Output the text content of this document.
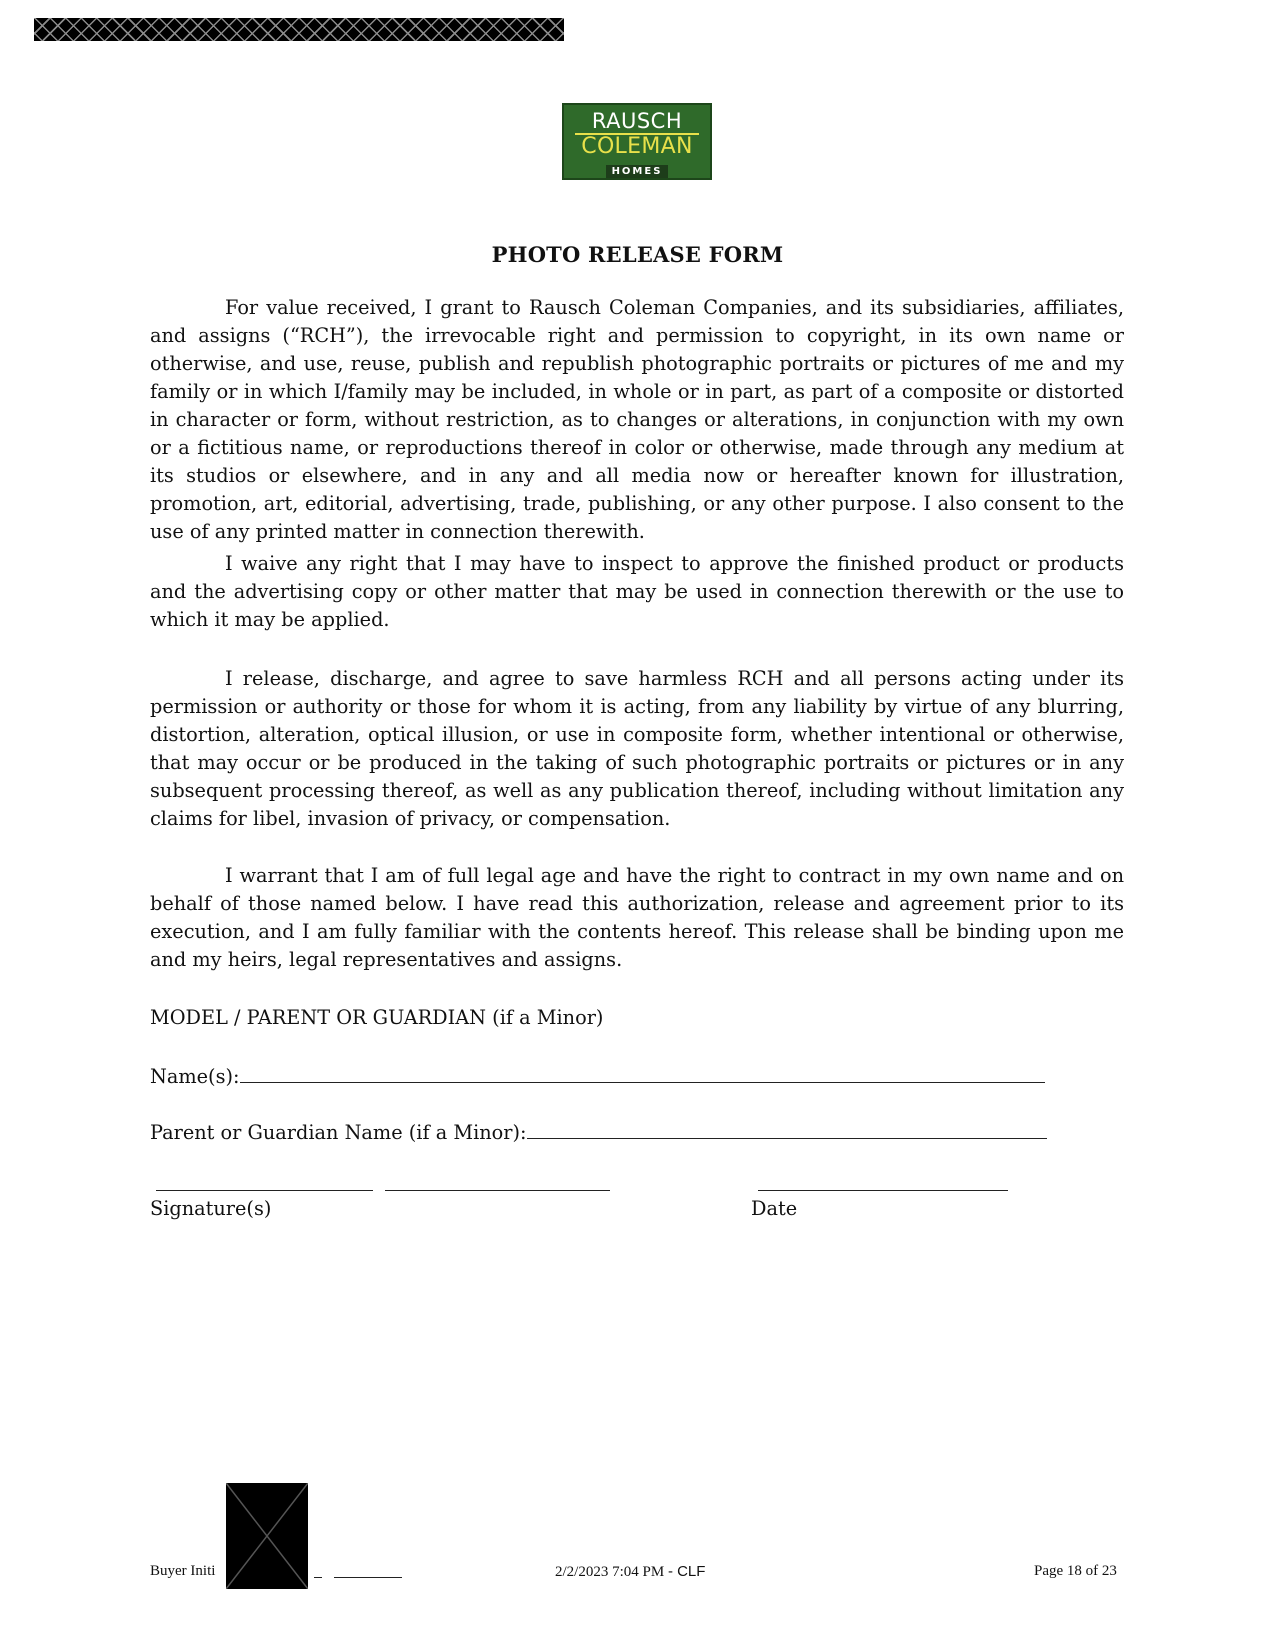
RAUSCH
COLEMAN
HOMES
PHOTO RELEASE FORM

For value received, I grant to Rausch Coleman Companies, and its subsidiaries, affiliates, and assigns (“RCH”), the irrevocable right and permission to copyright, in its own name or otherwise, and use, reuse, publish and republish photographic portraits or pictures of me and my family or in which I/family may be included, in whole or in part, as part of a composite or distorted in character or form, without restriction, as to changes or alterations, in conjunction with my own or a fictitious name, or reproductions thereof in color or otherwise, made through any medium at its studios or elsewhere, and in any and all media now or hereafter known for illustration, promotion, art, editorial, advertising, trade, publishing, or any other purpose. I also consent to the use of any printed matter in connection therewith.

I waive any right that I may have to inspect to approve the finished product or products and the advertising copy or other matter that may be used in connection therewith or the use to which it may be applied.

I release, discharge, and agree to save harmless RCH and all persons acting under its permission or authority or those for whom it is acting, from any liability by virtue of any blurring, distortion, alteration, optical illusion, or use in composite form, whether intentional or otherwise, that may occur or be produced in the taking of such photographic portraits or pictures or in any subsequent processing thereof, as well as any publication thereof, including without limitation any claims for libel, invasion of privacy, or compensation.

I warrant that I am of full legal age and have the right to contract in my own name and on behalf of those named below. I have read this authorization, release and agreement prior to its execution, and I am fully familiar with the contents hereof. This release shall be binding upon me and my heirs, legal representatives and assigns.

MODEL / PARENT OR GUARDIAN (if a Minor)
Name(s):
Parent or Guardian Name (if a Minor):
Signature(s)	Date
Buyer Initi
	2/2/2023 7:04 PM - CLF	Page 18 of 23
